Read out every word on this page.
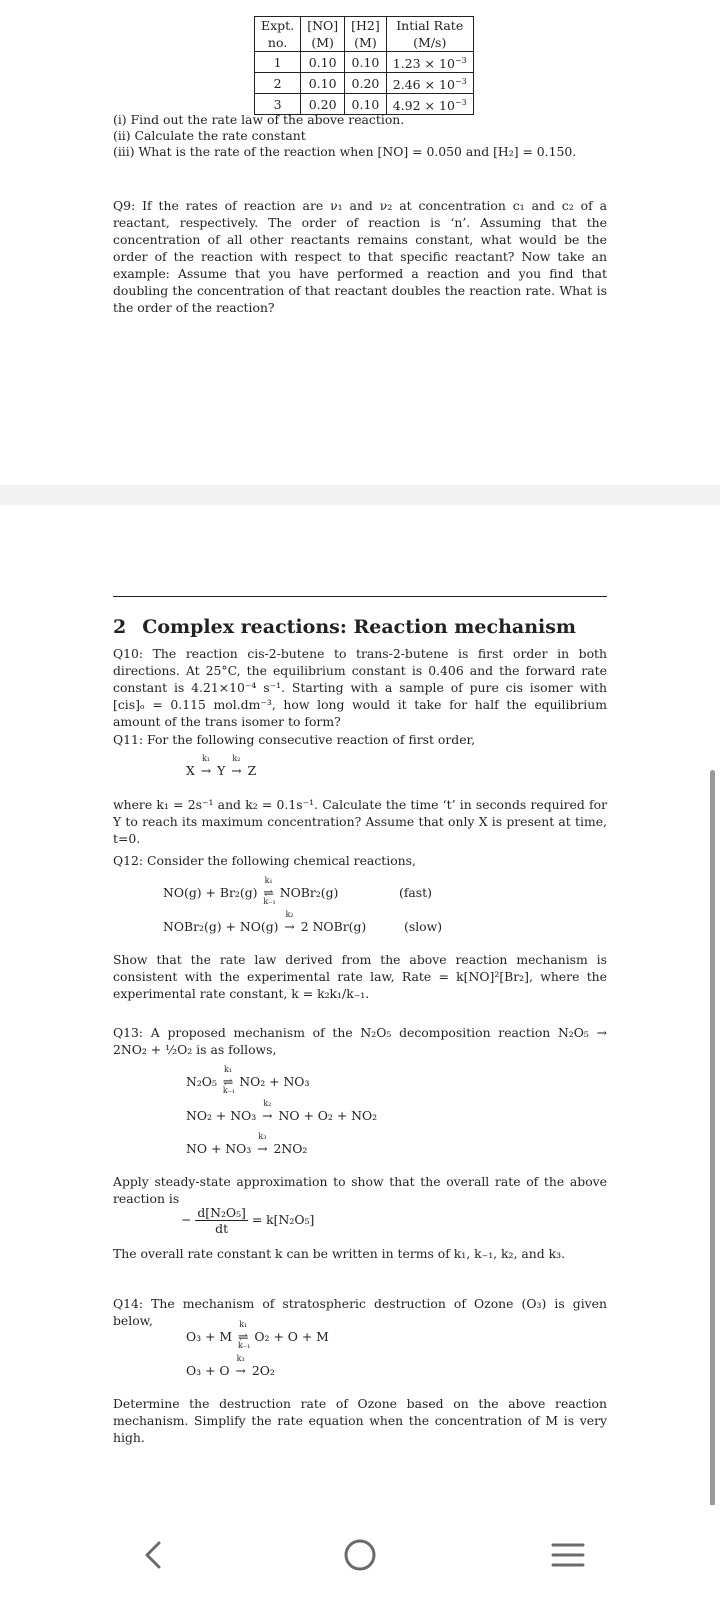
Expt.	[NO]	[H2]	Intial Rate
no.	(M)	(M)	(M/s)
1	0.10	0.10	$1.23 \times 10^{-3}$
2	0.10	0.20	$2.46 \times 10^{-3}$
3	0.20	0.10	$4.92 \times 10^{-3}$
(i) Find out the rate law of the above reaction.
(ii) Calculate the rate constant
(iii) What is the rate of the reaction when [NO] = 0.050 and [H₂] = 0.150.
Q9: If the rates of reaction are ν₁ and ν₂ at concentration c₁ and c₂ of a reactant, respectively. The order of reaction is ‘n’. Assuming that the concentration of all other reactants remains constant, what would be the order of the reaction with respect to that specific reactant? Now take an example: Assume that you have performed a reaction and you find that doubling the concentration of that reactant doubles the reaction rate. What is the order of the reaction?
2 Complex reactions: Reaction mechanism
Q10: The reaction cis-2-butene to trans-2-butene is first order in both directions. At 25°C, the equilibrium constant is 0.406 and the forward rate constant is 4.21×10⁻⁴ s⁻¹. Starting with a sample of pure cis isomer with [cis]ₒ = 0.115 mol.dm⁻³, how long would it take for half the equilibrium amount of the trans isomer to form?
Q11: For the following consecutive reaction of first order,
X
k₁
→ Y
k₂
→ Z
where k₁ = 2s⁻¹ and k₂ = 0.1s⁻¹. Calculate the time ‘t’ in seconds required for Y to reach its maximum concentration? Assume that only X is present at time, t=0.
Q12: Consider the following chemical reactions,
NO(g) + Br₂(g)
k₁
⇌
k₋₁
NOBr₂(g)	(fast)
NOBr₂(g) + NO(g)
k₂
→ 2 NOBr(g)	(slow)
Show that the rate law derived from the above reaction mechanism is consistent with the experimental rate law, Rate = k[NO]²[Br₂], where the experimental rate constant, k = k₂k₁/k₋₁.
Q13: A proposed mechanism of the N₂O₅ decomposition reaction N₂O₅ → 2NO₂ + ½O₂ is as follows,
N₂O₅
k₁
⇌
k₋₁
NO₂ + NO₃
NO₂ + NO₃
k₂
→ NO + O₂ + NO₂
NO + NO₃
k₃
→ 2NO₂
Apply steady-state approximation to show that the overall rate of the above reaction is
− $\frac{\text{d[N₂O₅]}}{dt} = k[N_2O_5]$
The overall rate constant k can be written in terms of k₁, k₋₁, k₂, and k₃.
Q14: The mechanism of stratospheric destruction of Ozone (O₃) is given below,
O₃ + M
k₁
⇌
k₋₁
O₂ + O + M
O₃ + O
k₃
→ 2O₂
Determine the destruction rate of Ozone based on the above reaction mechanism. Simplify the rate equation when the concentration of M is very high.
